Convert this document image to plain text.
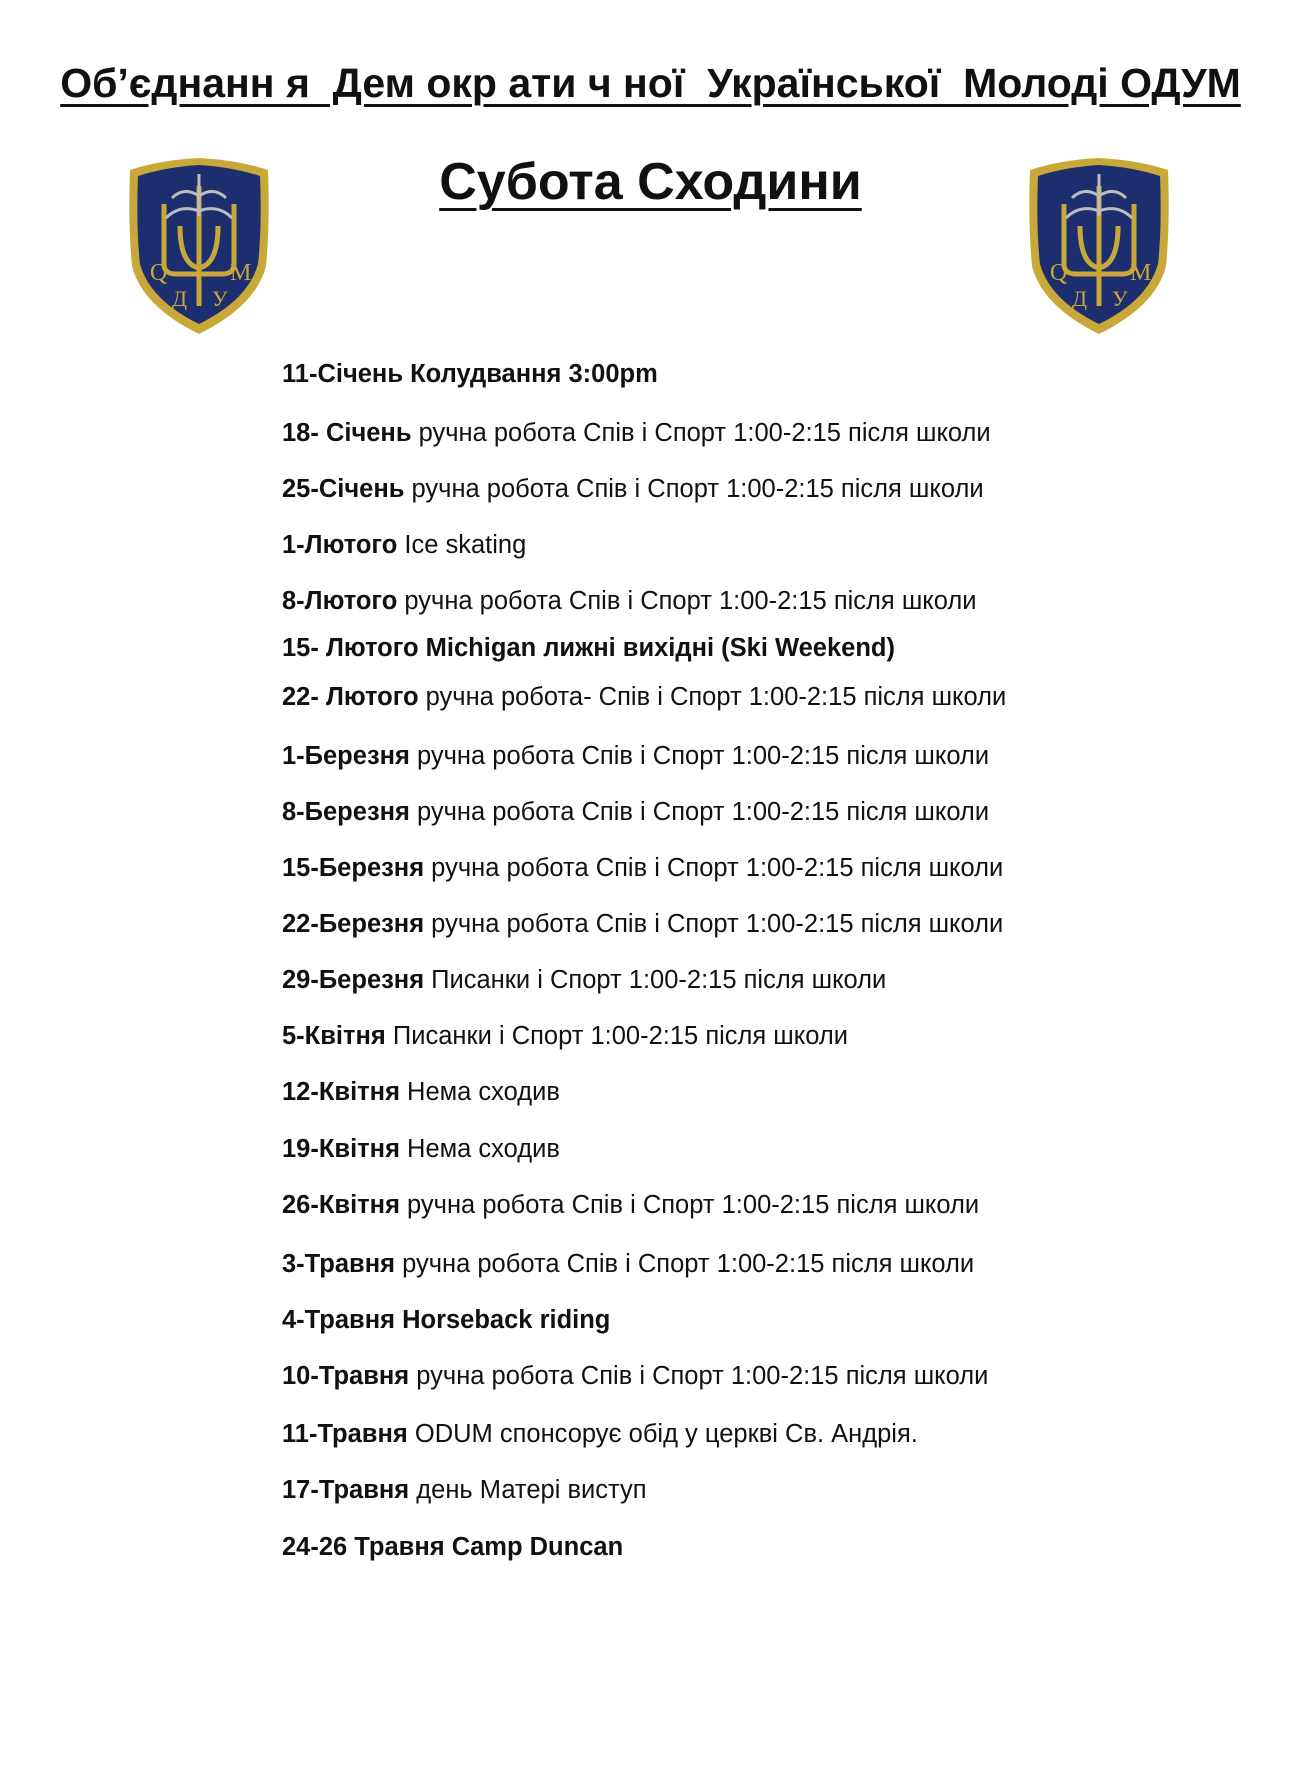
Об’єднанн я  Дем окр ати ч ної  Української  Молоді ОДУМ
Субота Сходини
Q	M
Д У
Q	M
Д У
11-Січень Колудвання 3:00pm
18- Січень ручна робота Спів і Спорт 1:00-2:15 після школи
25-Січень ручна робота Спів і Спорт 1:00-2:15 після школи
1-Лютого Ice skating
8-Лютого ручна робота Спів і Спорт 1:00-2:15 після школи
15- Лютого Michigan лижні вихідні (Ski Weekend)
22- Лютого ручна робота- Спів і Спорт 1:00-2:15 після школи
1-Березня ручна робота Спів і Спорт 1:00-2:15 після школи
8-Березня ручна робота Спів і Спорт 1:00-2:15 після школи
15-Березня ручна робота Спів і Спорт 1:00-2:15 після школи
22-Березня ручна робота Спів і Спорт 1:00-2:15 після школи
29-Березня Писанки і Спорт 1:00-2:15 після школи
5-Квітня Писанки і Спорт 1:00-2:15 після школи
12-Квітня Нема сходив
19-Квітня Нема сходив
26-Квітня ручна робота Спів і Спорт 1:00-2:15 після школи
3-Травня ручна робота Спів і Спорт 1:00-2:15 після школи
4-Травня Horseback riding
10-Травня ручна робота Спів і Спорт 1:00-2:15 після школи
11-Травня ODUM спонсорує обід у церкві Св. Андрія.
17-Травня день Матері виступ
24-26 Травня Camp Duncan
